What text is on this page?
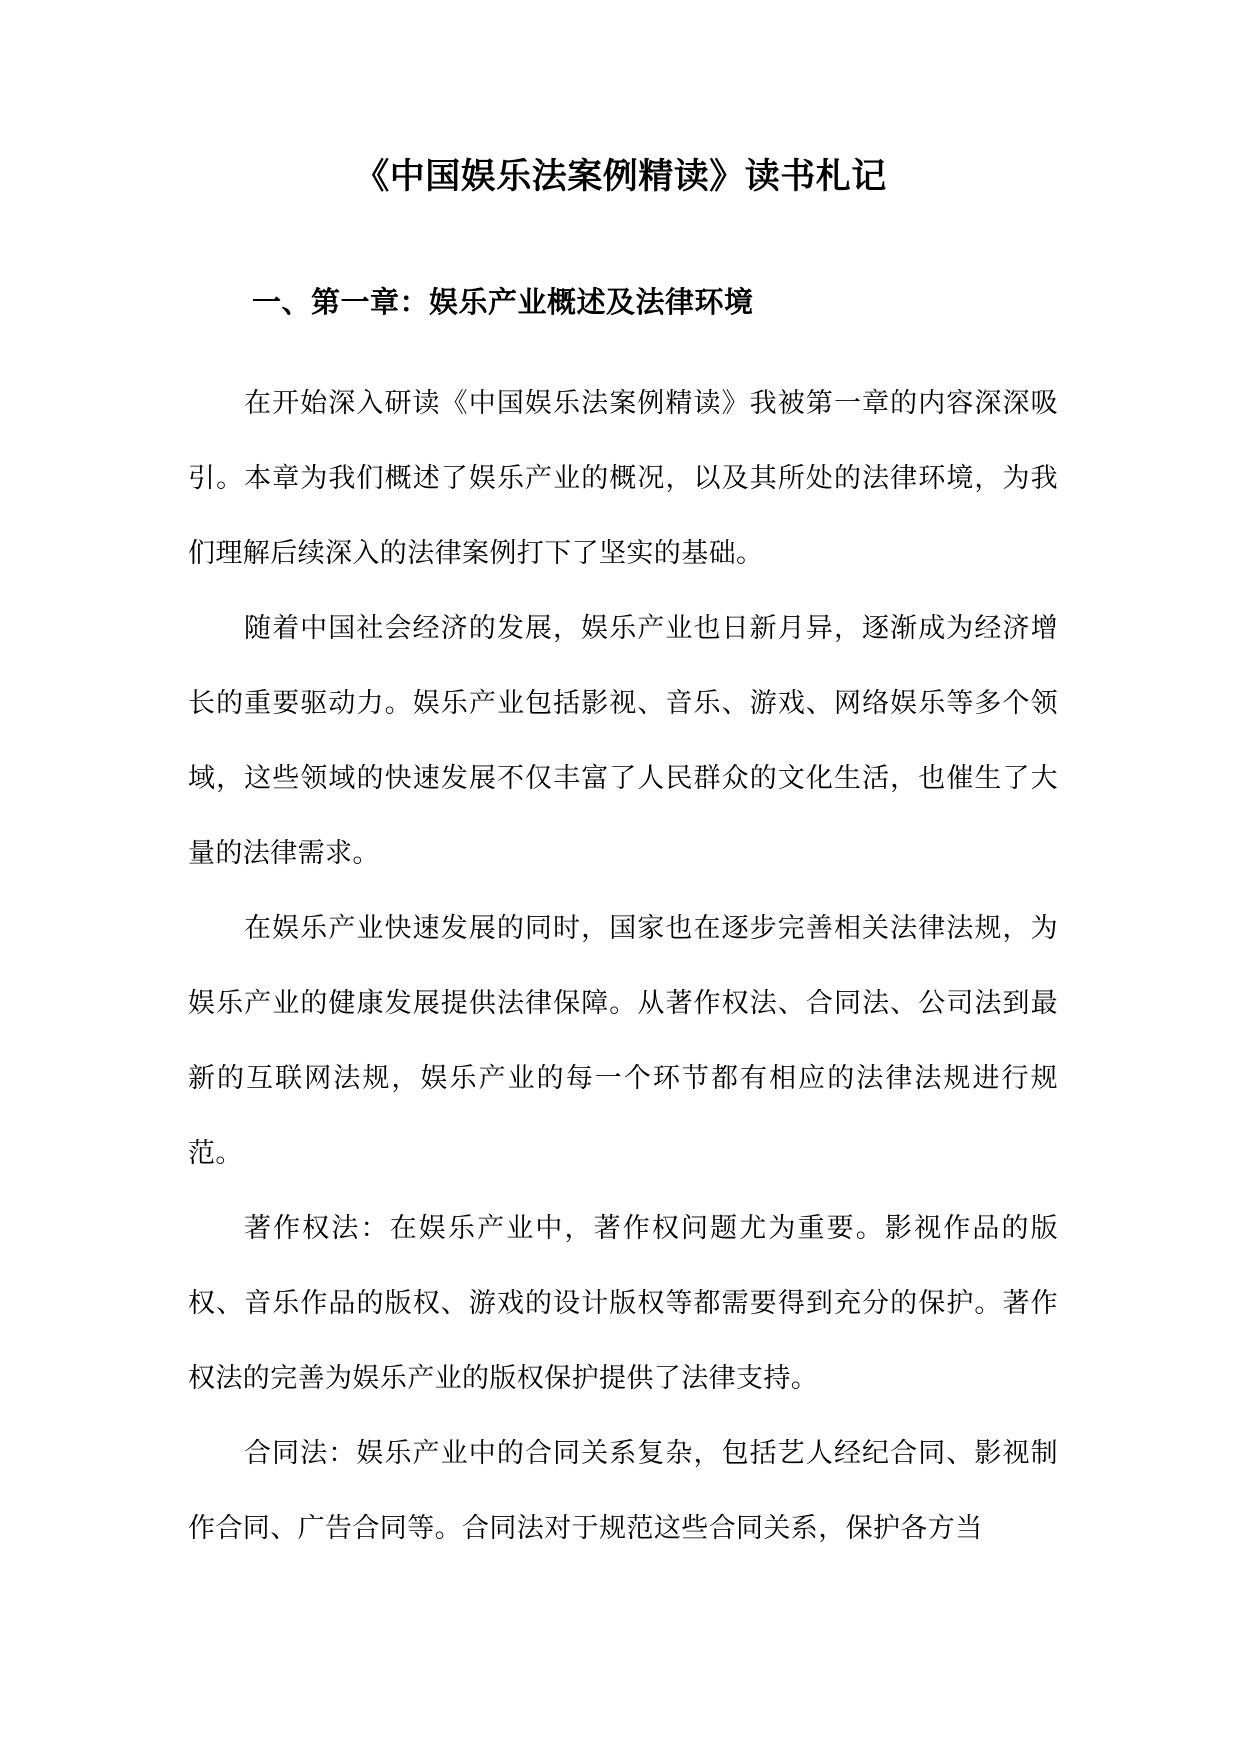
《中国娱乐法案例精读》读书札记
一、第一章：娱乐产业概述及法律环境

在开始深入研读《中国娱乐法案例精读》我被第一章的内容深深吸引。本章为我们概述了娱乐产业的概况，以及其所处的法律环境，为我们理解后续深入的法律案例打下了坚实的基础。

随着中国社会经济的发展，娱乐产业也日新月异，逐渐成为经济增长的重要驱动力。娱乐产业包括影视、音乐、游戏、网络娱乐等多个领域，这些领域的快速发展不仅丰富了人民群众的文化生活，也催生了大量的法律需求。

在娱乐产业快速发展的同时，国家也在逐步完善相关法律法规，为娱乐产业的健康发展提供法律保障。从著作权法、合同法、公司法到最新的互联网法规，娱乐产业的每一个环节都有相应的法律法规进行规范。

著作权法：在娱乐产业中，著作权问题尤为重要。影视作品的版权、音乐作品的版权、游戏的设计版权等都需要得到充分的保护。著作权法的完善为娱乐产业的版权保护提供了法律支持。

合同法：娱乐产业中的合同关系复杂，包括艺人经纪合同、影视制作合同、广告合同等。合同法对于规范这些合同关系，保护各方当
